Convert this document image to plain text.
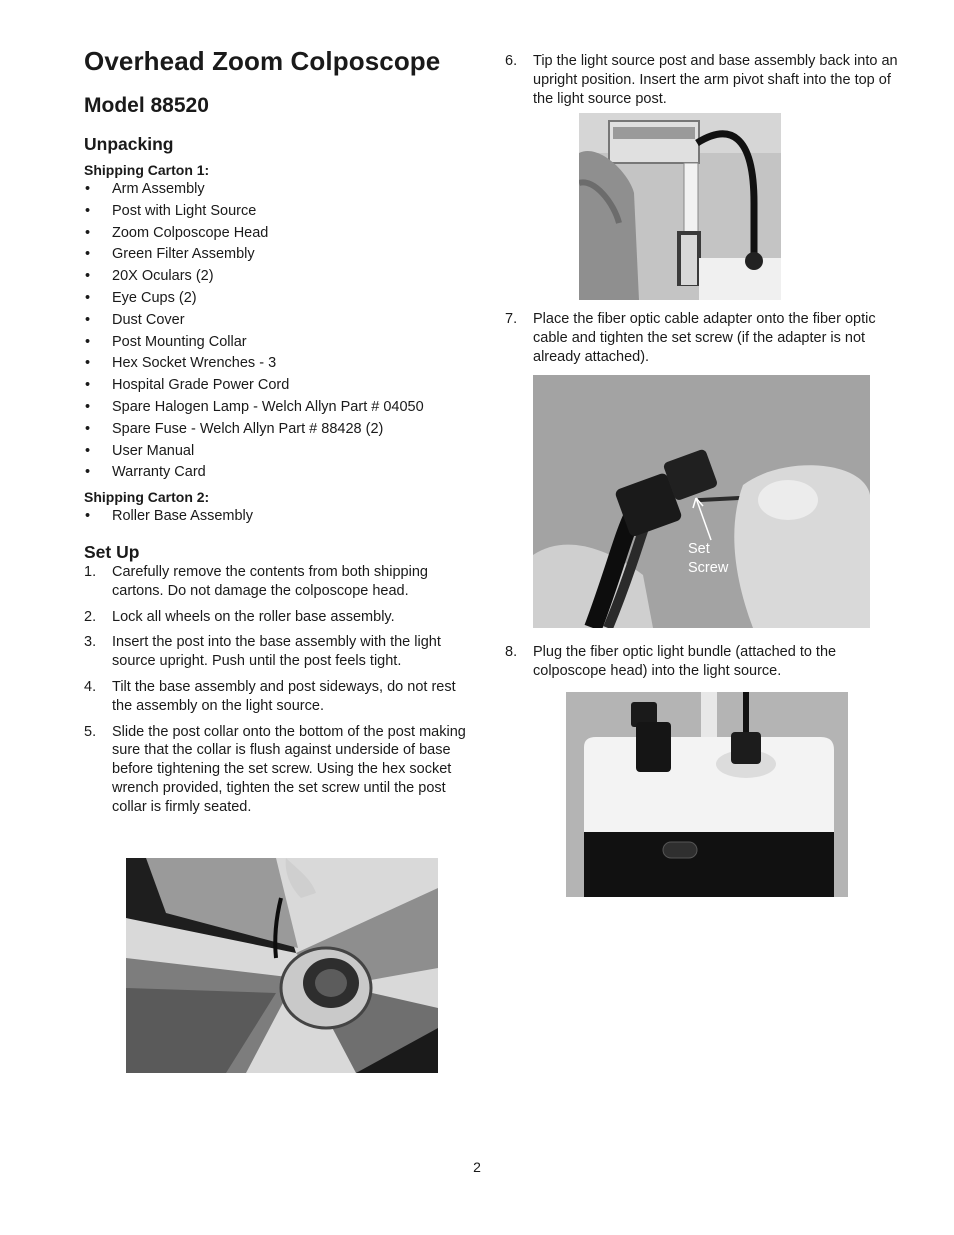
Overhead Zoom Colposcope
Model 88520
Unpacking
Shipping Carton 1:
• Arm Assembly
• Post with Light Source
• Zoom Colposcope Head
• Green Filter Assembly
• 20X Oculars (2)
• Eye Cups (2)
• Dust Cover
• Post Mounting Collar
• Hex Socket Wrenches - 3
• Hospital Grade Power Cord
• Spare Halogen Lamp - Welch Allyn Part # 04050
• Spare Fuse - Welch Allyn Part # 88428 (2)
• User Manual
• Warranty Card
Shipping Carton 2:
• Roller Base Assembly
Set Up
1. Carefully remove the contents from both shipping cartons. Do not damage the colposcope head.
2. Lock all wheels on the roller base assembly.
3. Insert the post into the base assembly with the light source upright. Push until the post feels tight.
4. Tilt the base assembly and post sideways, do not rest the assembly on the light source.
5. Slide the post collar onto the bottom of the post making sure that the collar is flush against underside of base before tightening the set screw. Using the hex socket wrench provided, tighten the set screw until the post collar is firmly seated.
6. Tip the light source post and base assembly back into an upright position. Insert the arm pivot shaft into the top of the light source post.
7. Place the fiber optic cable adapter onto the fiber optic cable and tighten the set screw (if the adapter is not already attached).
8. Plug the fiber optic light bundle (attached to the colposcope head) into the light source.
Set
Screw
2
